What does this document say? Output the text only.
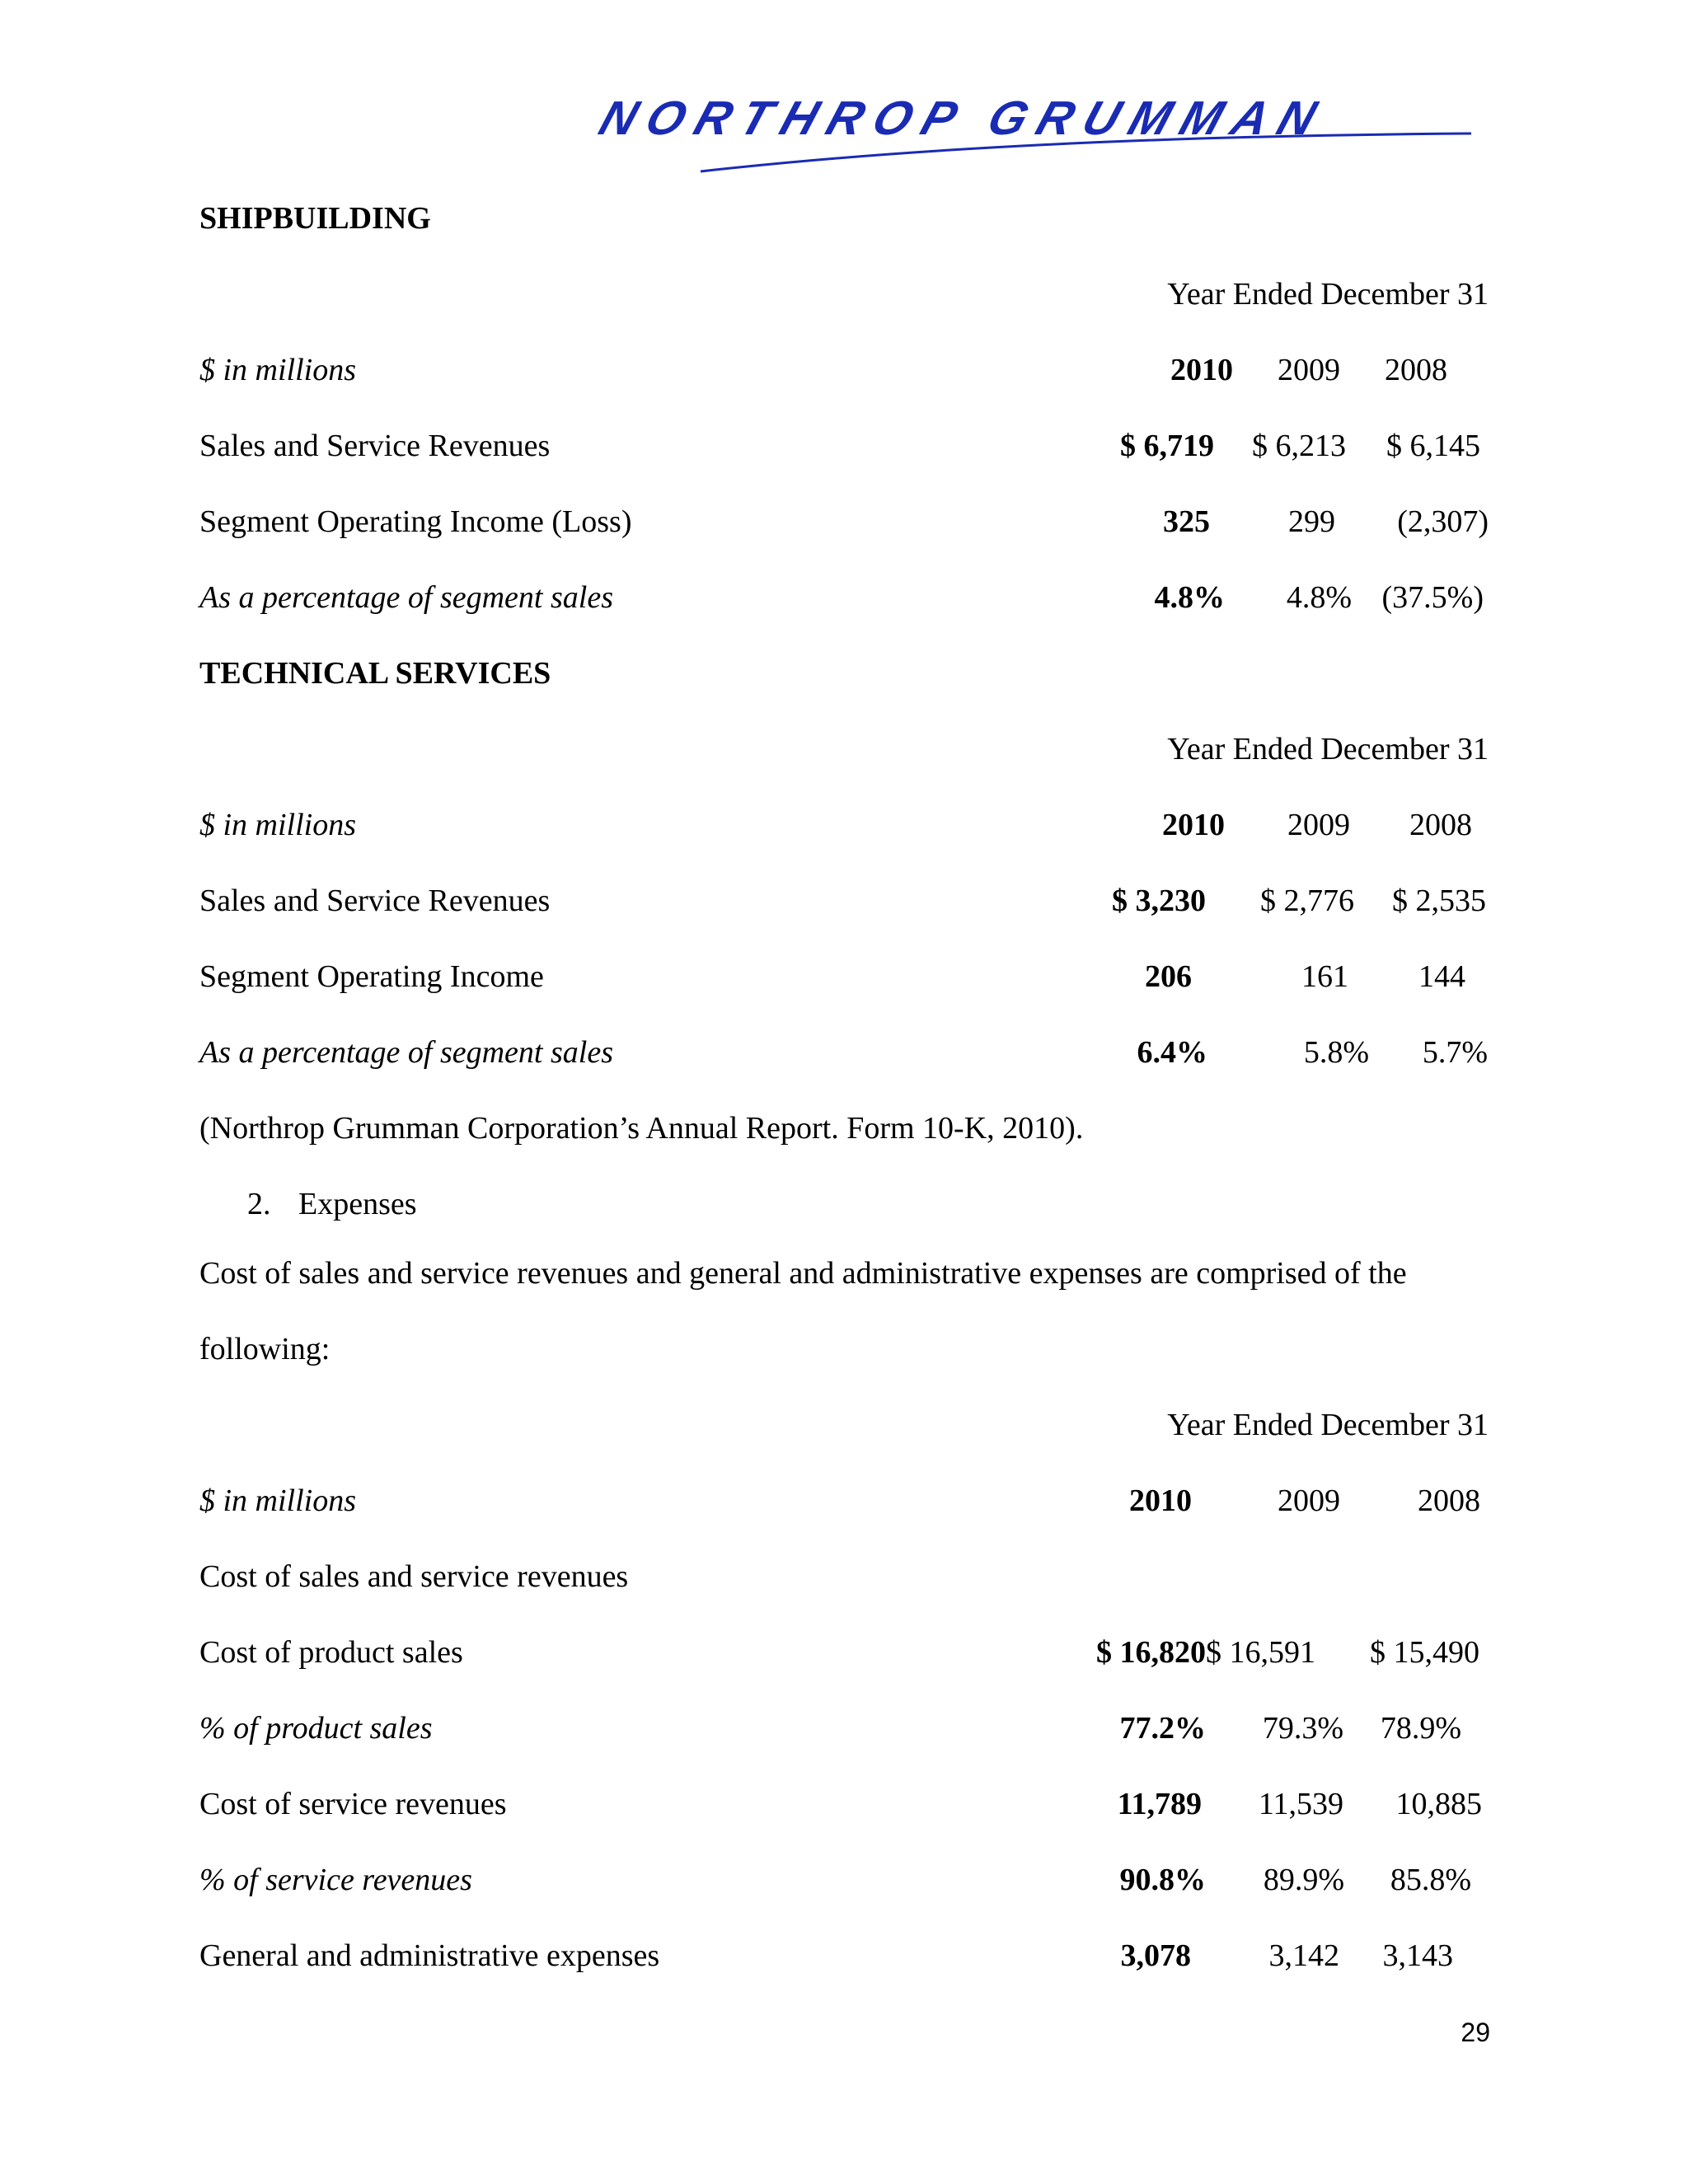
NORTHROP GRUMMAN
SHIPBUILDING
Year Ended December 31
$ in millions	2010 2009 2008
Sales and Service Revenues	$ 6,719 $ 6,213 $ 6,145
Segment Operating Income (Loss)	325	299 (2,307)
As a percentage of segment sales	4.8% 4.8% (37.5%)
TECHNICAL SERVICES
Year Ended December 31
$ in millions	2010 2009 2008
Sales and Service Revenues	$ 3,230 $ 2,776 $ 2,535
Segment Operating Income	206	161 144
As a percentage of segment sales	6.4%	5.8% 5.7%
(Northrop Grumman Corporation’s Annual Report. Form 10-K, 2010).
2. Expenses
Cost of sales and service revenues and general and administrative expenses are comprised of the
following:
Year Ended December 31
$ in millions	2010	2009 2008
Cost of sales and service revenues
Cost of product sales	$ 16,820 $ 16,591 $ 15,490
% of product sales	77.2% 79.3% 78.9%
Cost of service revenues	11,789 11,539 10,885
% of service revenues	90.8% 89.9% 85.8%
General and administrative expenses	3,078 3,142 3,143
29
